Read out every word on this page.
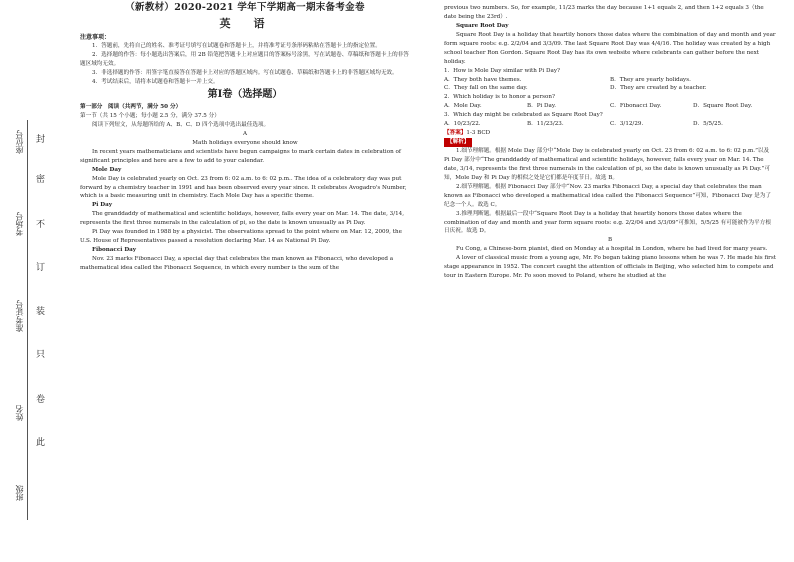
封
密
不
订
装
只
卷
此
座位号
考场号
准考证号
姓名
班级

（新教材）2020-2021 学年下学期高一期末备考金卷

英　语

注意事项：

1．答题前，先将自己的姓名、准考证号填写在试题卷和答题卡上，并将准考证号条形码粘贴在答题卡上的指定位置。

2．选择题的作答：每小题选出答案后，用 2B 铅笔把答题卡上对应题目的答案标号涂黑，写在试题卷、草稿纸和答题卡上的非答题区域均无效。

3．非选择题的作答：用签字笔直接答在答题卡上对应的答题区域内。写在试题卷、草稿纸和答题卡上的非答题区域均无效。

4．考试结束后，请将本试题卷和答题卡一并上交。

第Ⅰ卷（选择题）

第一部分　阅读（共两节，满分 50 分）

第一节（共 15 个小题；每小题 2.5 分，满分 37.5 分）

阅读下列短文，从每题所给的 A、B、C、D 四个选项中选出最佳选项。

A

Math holidays everyone should know

In recent years mathematicians and scientists have begun campaigns to mark certain dates in celebration of significant principles and here are a few to add to your calendar.

Mole Day

Mole Day is celebrated yearly on Oct. 23 from 6: 02 a.m. to 6: 02 p.m.. The idea of a celebratory day was put forward by a chemistry teacher in 1991 and has been observed every year since. It celebrates Avogadro's Number, which is a basic measuring unit in chemistry. Each Mole Day has a specific theme.

Pi Day

The granddaddy of mathematical and scientific holidays, however, falls every year on Mar. 14. The date, 3/14, represents the first three numerals in the calculation of pi, so the date is known unusually as Pi Day.

Pi Day was founded in 1988 by a physicist. The observations spread to the point where on Mar. 12, 2009, the U.S. House of Representatives passed a resolution declaring Mar. 14 as National Pi Day.

Fibonacci Day

Nov. 23 marks Fibonacci Day, a special day that celebrates the man known as Fibonacci, who developed a mathematical idea called the Fibonacci Sequence, in which every number is the sum of the

previous two numbers. So, for example, 11/23 marks the day because 1+1 equals 2, and then 1+2 equals 3（the date being the 23rd）.

Square Root Day

Square Root Day is a holiday that heartily honors those dates where the combination of day and month and year form square roots: e.g. 2/2/04 and 3/3/09. The last Square Root Day was 4/4/16. The holiday was created by a high school teacher Ron Gordon. Square Root Day has its own website where celebrants can gather before the next holiday.

1．How is Mole Day similar with Pi Day?

A．They both have themes.	B．They are yearly holidays.
C．They fall on the same day.	D．They are created by a teacher.

2．Which holiday is to honor a person?

A．Mole Day.	B．Pi Day.	C．Fibonacci Day.	D．Square Root Day.

3．Which day might be celebrated as Square Root Day?

A．10/23/22.	B．11/23/23.	C．3/12/29.	D．5/5/25.

【答案】1-3 BCD

【解析】

1.细节理解题。根据 Mole Day 部分中“Mole Day is celebrated yearly on Oct. 23 from 6: 02 a.m. to 6: 02 p.m.”以及 Pi Day 部分中“The granddaddy of mathematical and scientific holidays, however, falls every year on Mar. 14. The date, 3/14, represents the first three numerals in the calculation of pi, so the date is known unusually as Pi Day.”可知，Mole Day 和 Pi Day 的相似之处是它们都是年度节日。故选 B。

2.细节理解题。根据 Fibonacci Day 部分中“Nov. 23 marks Fibonacci Day, a special day that celebrates the man known as Fibonacci who developed a mathematical idea called the Fibonacci Sequence”可知，Fibonacci Day 是为了纪念一个人。故选 C。

3.推理判断题。根据最后一段中“Square Root Day is a holiday that heartily honors those dates where the combination of day and month and year form square roots: e.g. 2/2/04 and 3/3/09”可推知，5/5/25 有可能被作为平方根日庆祝。故选 D。

B

Fu Cong, a Chinese-born pianist, died on Monday at a hospital in London, where he had lived for many years.

A lover of classical music from a young age, Mr. Fo began taking piano lessons when he was 7. He made his first stage appearance in 1952. The concert caught the attention of officials in Beijing, who selected him to compete and tour in Eastern Europe. Mr. Fo soon moved to Poland, where he studied at the
